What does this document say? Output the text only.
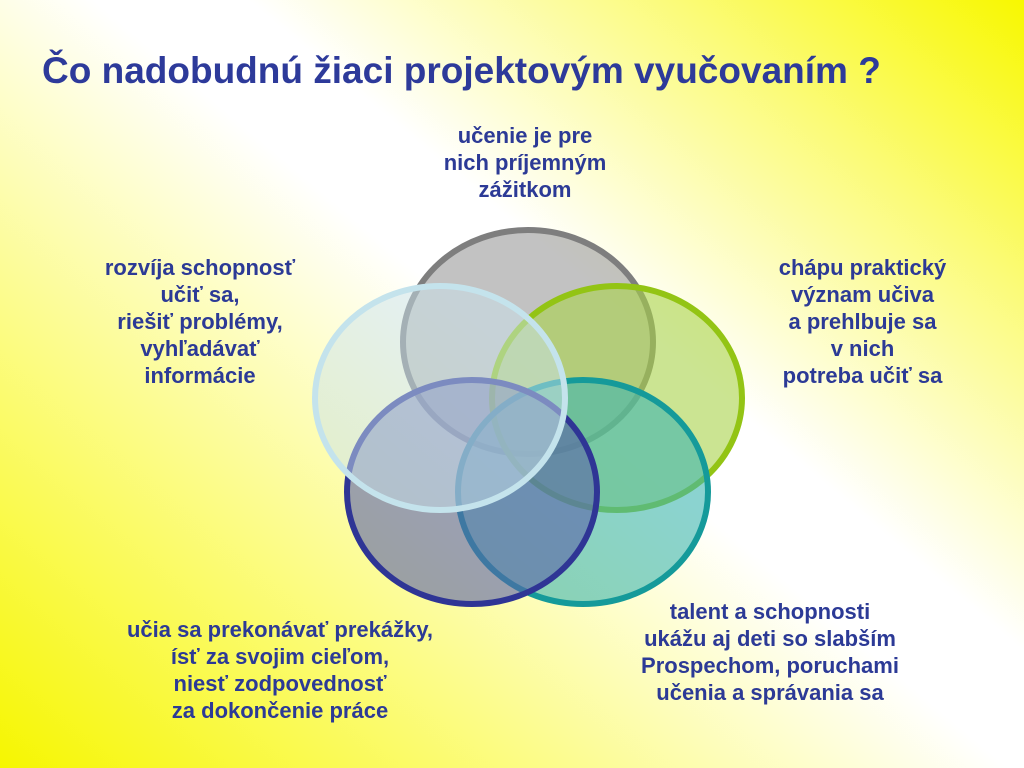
Čo nadobudnú žiaci projektovým vyučovaním ?
učenie je pre
nich príjemným
zážitkom
rozvíja schopnosť
učiť sa,
riešiť problémy,
vyhľadávať
informácie
chápu praktický
význam učiva
a prehlbuje sa
v nich
potreba učiť sa
talent a schopnosti
ukážu aj deti so slabším
Prospechom, poruchami
učenia a správania sa
učia sa prekonávať prekážky,
ísť za svojim cieľom,
niesť zodpovednosť
za dokončenie práce
